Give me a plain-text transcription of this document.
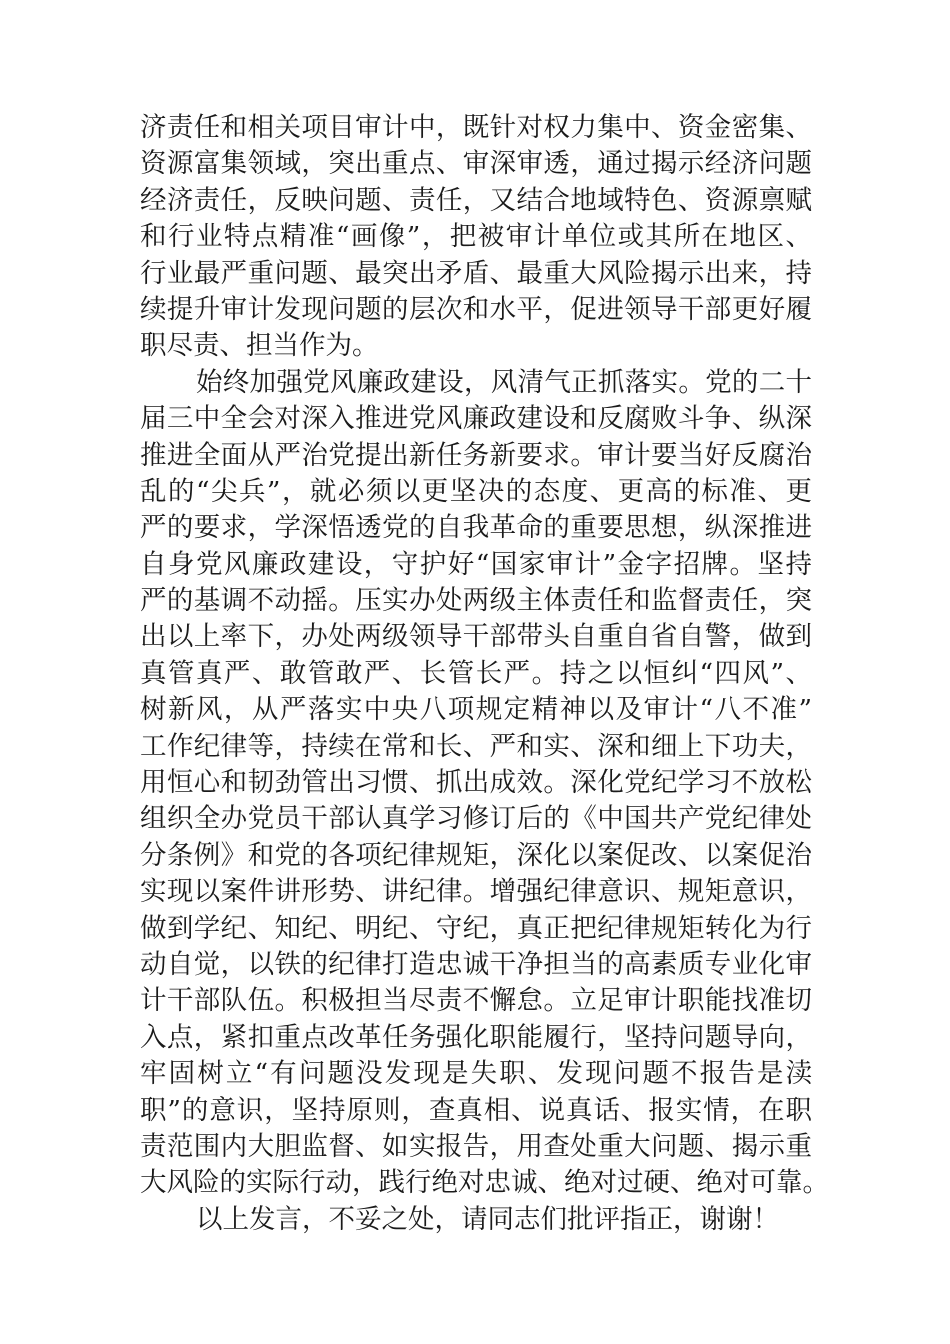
济责任和相关项目审计中，既针对权力集中、资金密集、
资源富集领域，突出重点、审深审透，通过揭示经济问题
经济责任，反映问题、责任，又结合地域特色、资源禀赋
和行业特点精准“画像”，把被审计单位或其所在地区、
行业最严重问题、最突出矛盾、最重大风险揭示出来，持
续提升审计发现问题的层次和水平，促进领导干部更好履
职尽责、担当作为。
始终加强党风廉政建设，风清气正抓落实。党的二十
届三中全会对深入推进党风廉政建设和反腐败斗争、纵深
推进全面从严治党提出新任务新要求。审计要当好反腐治
乱的“尖兵”，就必须以更坚决的态度、更高的标准、更
严的要求，学深悟透党的自我革命的重要思想，纵深推进
自身党风廉政建设，守护好“国家审计”金字招牌。坚持
严的基调不动摇。压实办处两级主体责任和监督责任，突
出以上率下，办处两级领导干部带头自重自省自警，做到
真管真严、敢管敢严、长管长严。持之以恒纠“四风”、
树新风，从严落实中央八项规定精神以及审计“八不准”
工作纪律等，持续在常和长、严和实、深和细上下功夫，
用恒心和韧劲管出习惯、抓出成效。深化党纪学习不放松
组织全办党员干部认真学习修订后的《中国共产党纪律处
分条例》和党的各项纪律规矩，深化以案促改、以案促治
实现以案件讲形势、讲纪律。增强纪律意识、规矩意识，
做到学纪、知纪、明纪、守纪，真正把纪律规矩转化为行
动自觉，以铁的纪律打造忠诚干净担当的高素质专业化审
计干部队伍。积极担当尽责不懈怠。立足审计职能找准切
入点，紧扣重点改革任务强化职能履行，坚持问题导向，
牢固树立“有问题没发现是失职、发现问题不报告是渎
职”的意识，坚持原则，查真相、说真话、报实情，在职
责范围内大胆监督、如实报告，用查处重大问题、揭示重
大风险的实际行动，践行绝对忠诚、绝对过硬、绝对可靠。
以上发言，不妥之处，请同志们批评指正，谢谢！
